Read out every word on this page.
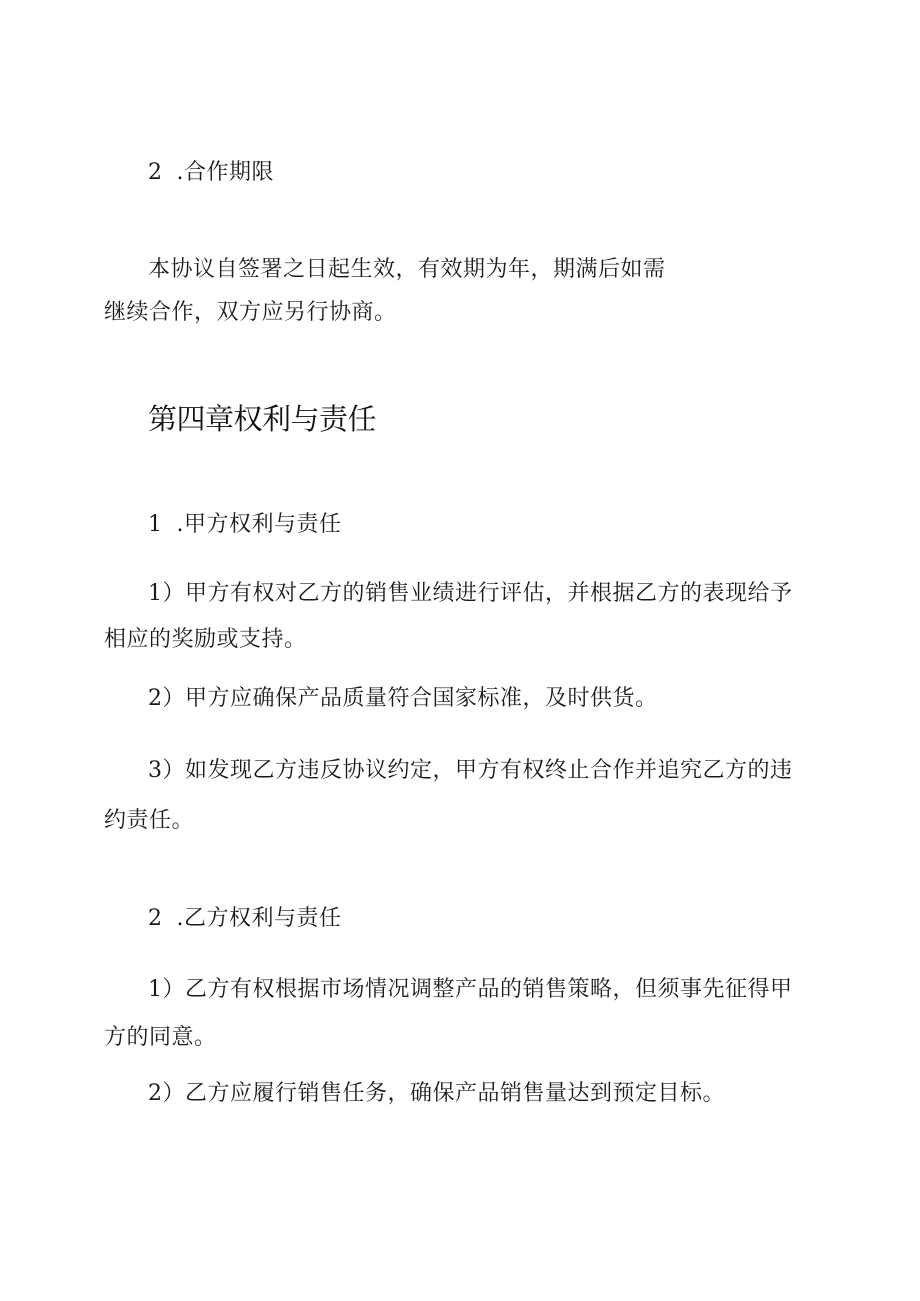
2 .合作期限
本协议自签署之日起生效，有效期为年，期满后如需
继续合作，双方应另行协商。
第四章权利与责任
1 .甲方权利与责任
1）甲方有权对乙方的销售业绩进行评估，并根据乙方的表现给予
相应的奖励或支持。
2）甲方应确保产品质量符合国家标准，及时供货。
3）如发现乙方违反协议约定，甲方有权终止合作并追究乙方的违
约责任。
2 .乙方权利与责任
1）乙方有权根据市场情况调整产品的销售策略，但须事先征得甲
方的同意。
2）乙方应履行销售任务，确保产品销售量达到预定目标。
